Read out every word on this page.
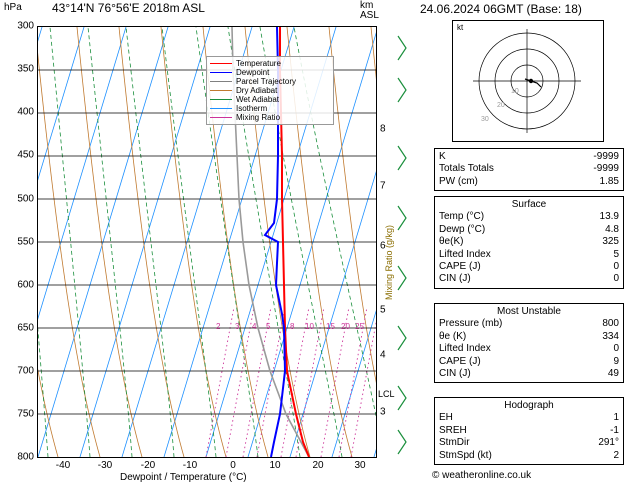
hPa	43°14'N 76°56'E 2018m ASL	km
ASL
300
350
400
450
500
550
600
650
700
750
800
8
7
6
5
4
3
LCL
Mixing Ratio (g/kg)
-40	-30	-20	-10	0	10	20	30
Dewpoint / Temperature (°C)
Temperature
Dewpoint
Parcel Trajectory
Dry Adiabat
Wet Adiabat
Isotherm
Mixing Ratio
2 3 4 5 8 10 15 20 25
24.06.2024 06GMT (Base: 18)
kt
10
20
30
K	-9999
Totals Totals	-9999
PW (cm)	1.85
Surface
Temp (°C)	13.9
Dewp (°C)	4.8
θe(K)	325
Lifted Index	5
CAPE (J)	0
CIN (J)	0
Most Unstable
Pressure (mb)	800
θe (K)	334
Lifted Index	0
CAPE (J)	9
CIN (J)	49
Hodograph
EH	1
SREH	-1
StmDir	291°
StmSpd (kt)	2
© weatheronline.co.uk
